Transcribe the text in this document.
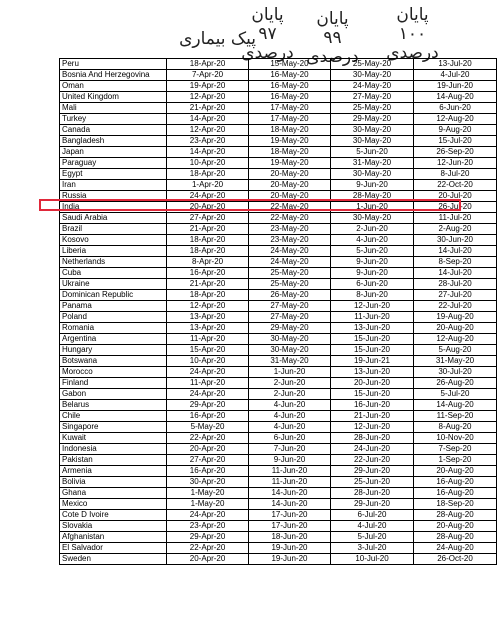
پیک بیماری
پایان
۹۷
درصدی
پایان
۹۹
درصدی
پایان
۱۰۰
درصدی
Peru	18-Apr-20	15-May-20	25-May-20	13-Jul-20
Bosnia And Herzegovina	7-Apr-20	16-May-20	30-May-20	4-Jul-20
Oman	19-Apr-20	16-May-20	24-May-20	19-Jun-20
United Kingdom	12-Apr-20	16-May-20	27-May-20	14-Aug-20
Mali	21-Apr-20	17-May-20	25-May-20	6-Jun-20
Turkey	14-Apr-20	17-May-20	29-May-20	12-Aug-20
Canada	12-Apr-20	18-May-20	30-May-20	9-Aug-20
Bangladesh	23-Apr-20	19-May-20	30-May-20	15-Jul-20
Japan	14-Apr-20	18-May-20	5-Jun-20	26-Sep-20
Paraguay	10-Apr-20	19-May-20	31-May-20	12-Jun-20
Egypt	18-Apr-20	20-May-20	30-May-20	8-Jul-20
Iran	1-Apr-20	20-May-20	9-Jun-20	22-Oct-20
Russia	24-Apr-20	20-May-20	28-May-20	20-Jul-20
India	20-Apr-20	22-May-20	1-Jun-20	26-Jul-20
Saudi Arabia	27-Apr-20	22-May-20	30-May-20	11-Jul-20
Brazil	21-Apr-20	23-May-20	2-Jun-20	2-Aug-20
Kosovo	18-Apr-20	23-May-20	4-Jun-20	30-Jun-20
Liberia	18-Apr-20	24-May-20	5-Jun-20	14-Jul-20
Netherlands	8-Apr-20	24-May-20	9-Jun-20	8-Sep-20
Cuba	16-Apr-20	25-May-20	9-Jun-20	14-Jul-20
Ukraine	21-Apr-20	25-May-20	6-Jun-20	28-Jul-20
Dominican Republic	18-Apr-20	26-May-20	8-Jun-20	27-Jul-20
Panama	12-Apr-20	27-May-20	12-Jun-20	22-Jul-20
Poland	13-Apr-20	27-May-20	11-Jun-20	19-Aug-20
Romania	13-Apr-20	29-May-20	13-Jun-20	20-Aug-20
Argentina	11-Apr-20	30-May-20	15-Jun-20	12-Aug-20
Hungary	15-Apr-20	30-May-20	15-Jun-20	5-Aug-20
Botswana	10-Apr-20	31-May-20	19-Jun-21	31-May-20
Morocco	24-Apr-20	1-Jun-20	13-Jun-20	30-Jul-20
Finland	11-Apr-20	2-Jun-20	20-Jun-20	26-Aug-20
Gabon	24-Apr-20	2-Jun-20	15-Jun-20	5-Jul-20
Belarus	29-Apr-20	4-Jun-20	16-Jun-20	14-Aug-20
Chile	16-Apr-20	4-Jun-20	21-Jun-20	11-Sep-20
Singapore	5-May-20	4-Jun-20	12-Jun-20	8-Aug-20
Kuwait	22-Apr-20	6-Jun-20	28-Jun-20	10-Nov-20
Indonesia	20-Apr-20	7-Jun-20	24-Jun-20	7-Sep-20
Pakistan	27-Apr-20	9-Jun-20	22-Jun-20	1-Sep-20
Armenia	16-Apr-20	11-Jun-20	29-Jun-20	20-Aug-20
Bolivia	30-Apr-20	11-Jun-20	25-Jun-20	16-Aug-20
Ghana	1-May-20	14-Jun-20	28-Jun-20	16-Aug-20
Mexico	1-May-20	14-Jun-20	29-Jun-20	18-Sep-20
Cote D Ivoire	24-Apr-20	17-Jun-20	6-Jul-20	28-Aug-20
Slovakia	23-Apr-20	17-Jun-20	4-Jul-20	20-Aug-20
Afghanistan	29-Apr-20	18-Jun-20	5-Jul-20	28-Aug-20
El Salvador	22-Apr-20	19-Jun-20	3-Jul-20	24-Aug-20
Sweden	20-Apr-20	19-Jun-20	10-Jul-20	26-Oct-20
